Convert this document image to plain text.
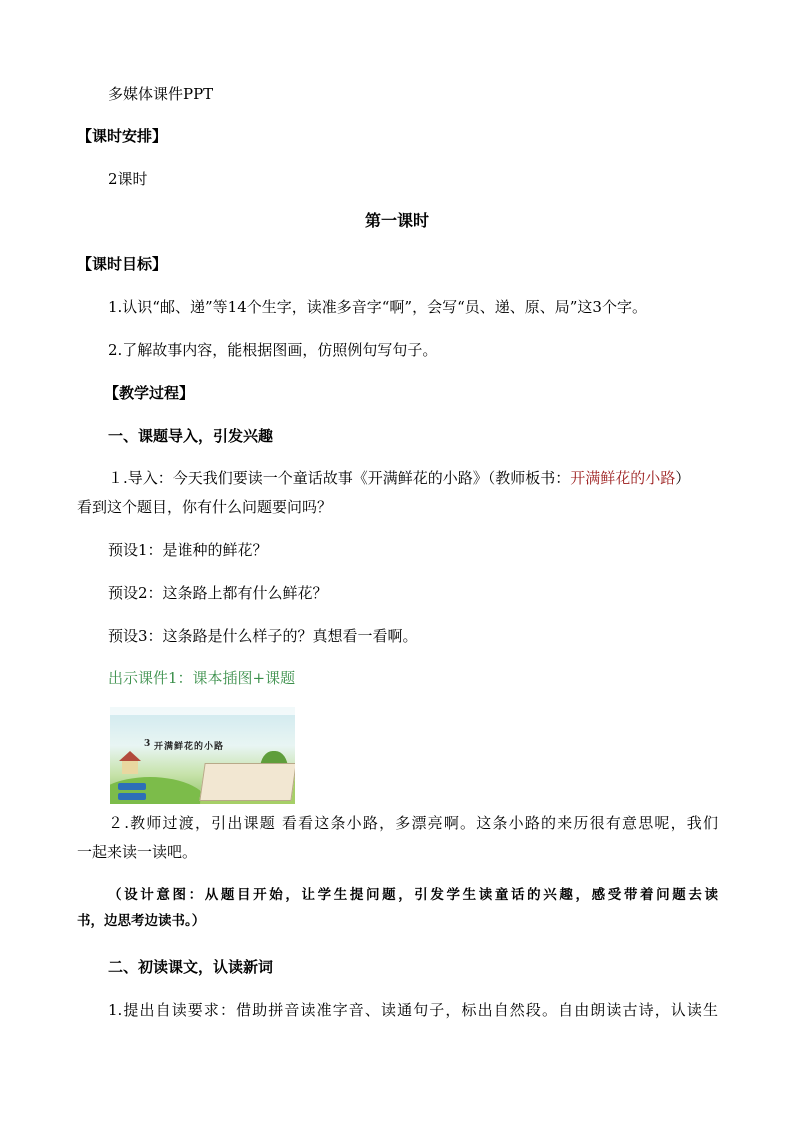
多媒体课件PPT
【课时安排】
2课时
第一课时
【课时目标】
1.认识“邮、递”等14个生字，读准多音字“啊”，会写“员、递、原、局”这3个字。
2.了解故事内容，能根据图画，仿照例句写句子。
【教学过程】
一、课题导入，引发兴趣
１.导入：今天我们要读一个童话故事《开满鲜花的小路》（教师板书：开满鲜花的小路）
看到这个题目，你有什么问题要问吗？
预设1：是谁种的鲜花？
预设2：这条路上都有什么鲜花？
预设3：这条路是什么样子的？真想看一看啊。
出示课件1：课本插图+课题
3 开满鲜花的小路
２.教师过渡，引出课题 看看这条小路，多漂亮啊。这条小路的来历很有意思呢，我们
一起来读一读吧。
（设计意图：从题目开始，让学生提问题，引发学生读童话的兴趣，感受带着问题去读
书，边思考边读书。）
二、初读课文，认读新词
1.提出自读要求：借助拼音读准字音、读通句子，标出自然段。自由朗读古诗，认读生
